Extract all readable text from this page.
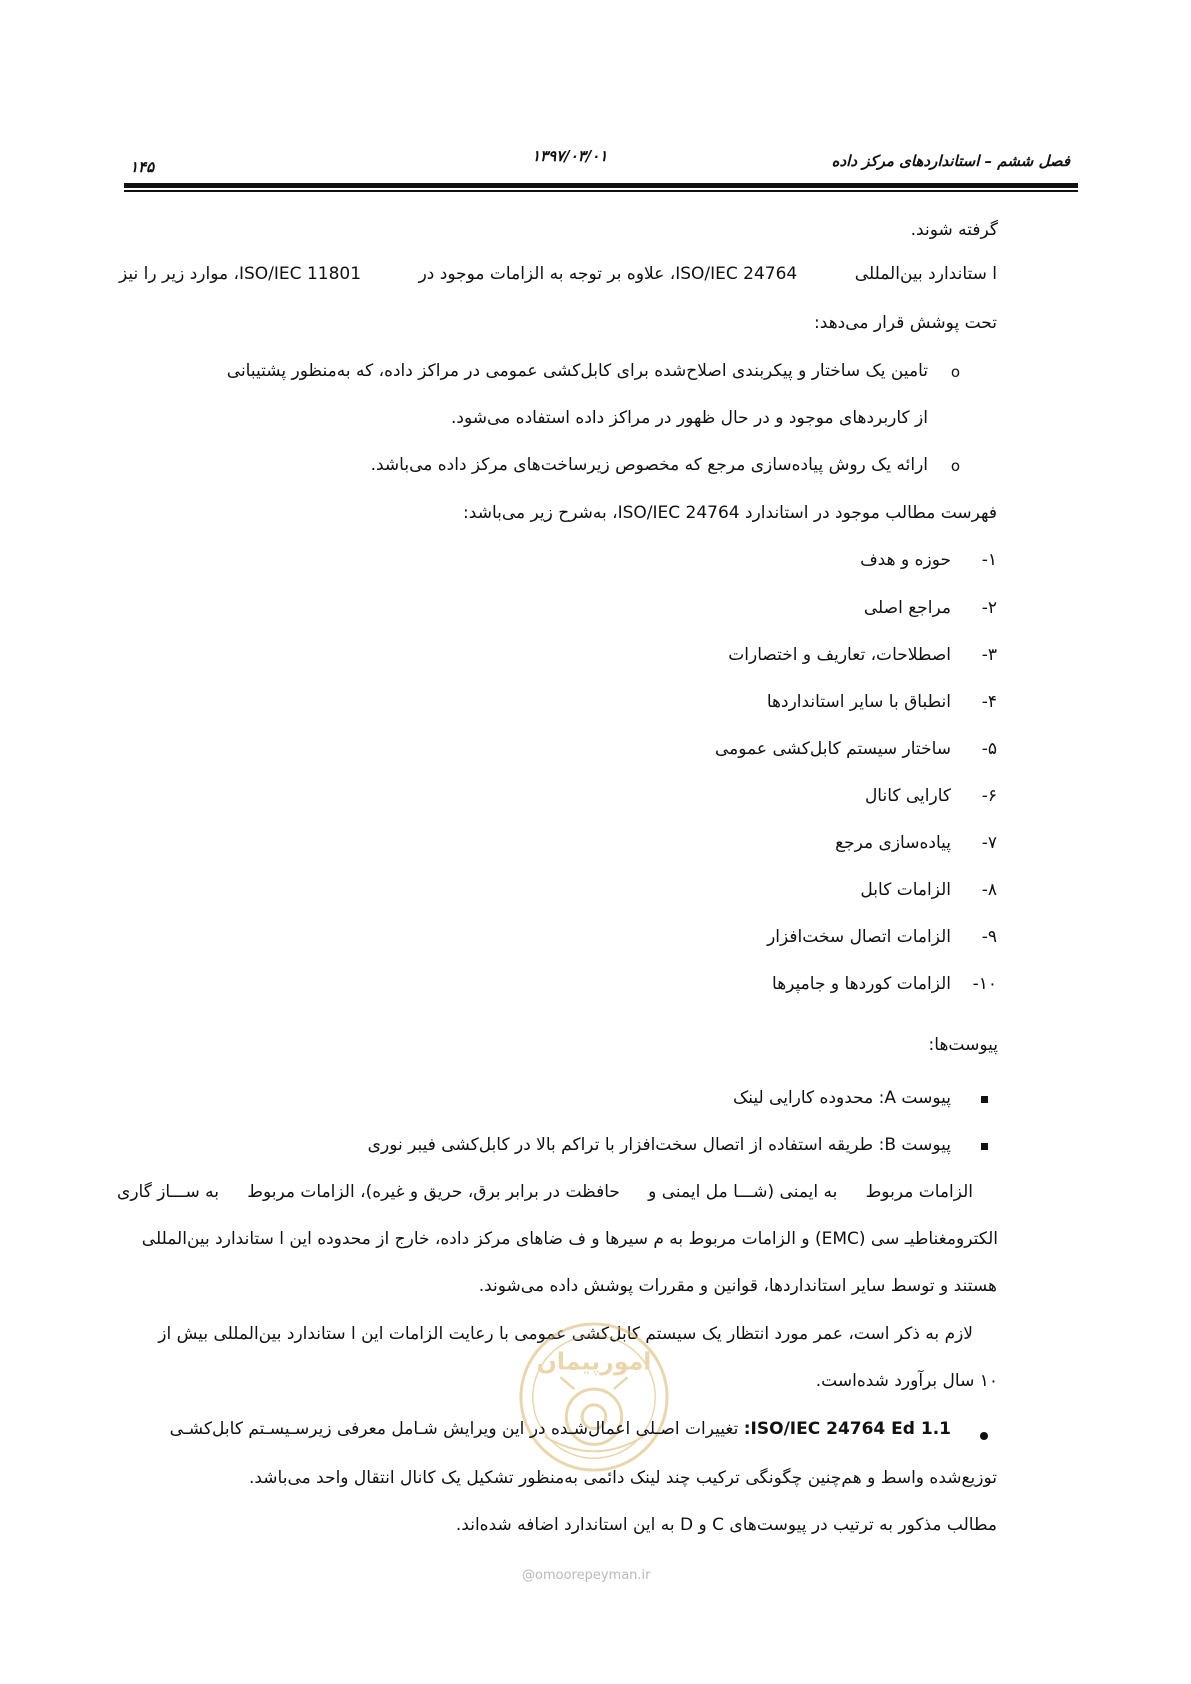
فصل ششم – استانداردهای مرکز داده
۱۳۹۷/۰۳/۰۱
۱۴۵
گرفته شوند.
ا ستاندارد بین‌المللی
ISO/IEC 24764، علاوه بر توجه به الزامات موجود در
ISO/IEC 11801، موارد زیر را نیز
تحت پوشش قرار می‌دهد:
o
تامین یک ساختار و پیکربندی اصلاح‌شده برای کابل‌کشی عمومی در مراکز داده، که به‌منظور پشتیبانی
از کاربردهای موجود و در حال ظهور در مراکز داده استفاده می‌شود.
o
ارائه یک روش پیاده‌سازی مرجع که مخصوص زیرساخت‌های مرکز داده می‌باشد.
فهرست مطالب موجود در استاندارد ISO/IEC 24764، به‌شرح زیر می‌باشد:
۱-
حوزه و هدف
۲-
مراجع اصلی
۳-
اصطلاحات، تعاریف و اختصارات
۴-
انطباق با سایر استانداردها
۵-
ساختار سیستم کابل‌کشی عمومی
۶-
کارایی کانال
۷-
پیاده‌سازی مرجع
۸-
الزامات کابل
۹-
الزامات اتصال سخت‌افزار
۱۰-
الزامات کوردها و جامپرها
پیوست‌ها:
پیوست A: محدوده کارایی لینک
پیوست B: طریقه استفاده از اتصال سخت‌افزار با تراکم بالا در کابل‌کشی فیبر نوری
الزامات مربوط
به ایمنی (شـــا مل ایمنی و
حافظت در برابر برق، حریق و غیره)، الزامات مربوط
به ســـاز گاری
الکترومغناطیـ سی (EMC) و الزامات مربوط به م سیرها و ف ضاهای مرکز داده، خارج از محدوده این ا ستاندارد بین‌المللی
هستند و توسط سایر استانداردها، قوانین و مقررات پوشش داده می‌شوند.
لازم به ذکر است، عمر مورد انتظار یک سیستم کابل‌کشی عمومی با رعایت الزامات این ا ستاندارد بین‌المللی بیش از
۱۰ سال برآورد شده‌است.
امورپیمان
ISO/IEC 24764 Ed 1.1: تغییرات اصـلی اعمال‌شـده در این ویرایش شـامل معرفی زیرسـیسـتم کابل‌کشـی
توزیع‌شده واسط و هم‌چنین چگونگی ترکیب چند لینک دائمی به‌منظور تشکیل یک کانال انتقال واحد می‌باشد.
مطالب مذکور به ترتیب در پیوست‌های C و D به این استاندارد اضافه شده‌اند.
@omoorepeyman.ir
